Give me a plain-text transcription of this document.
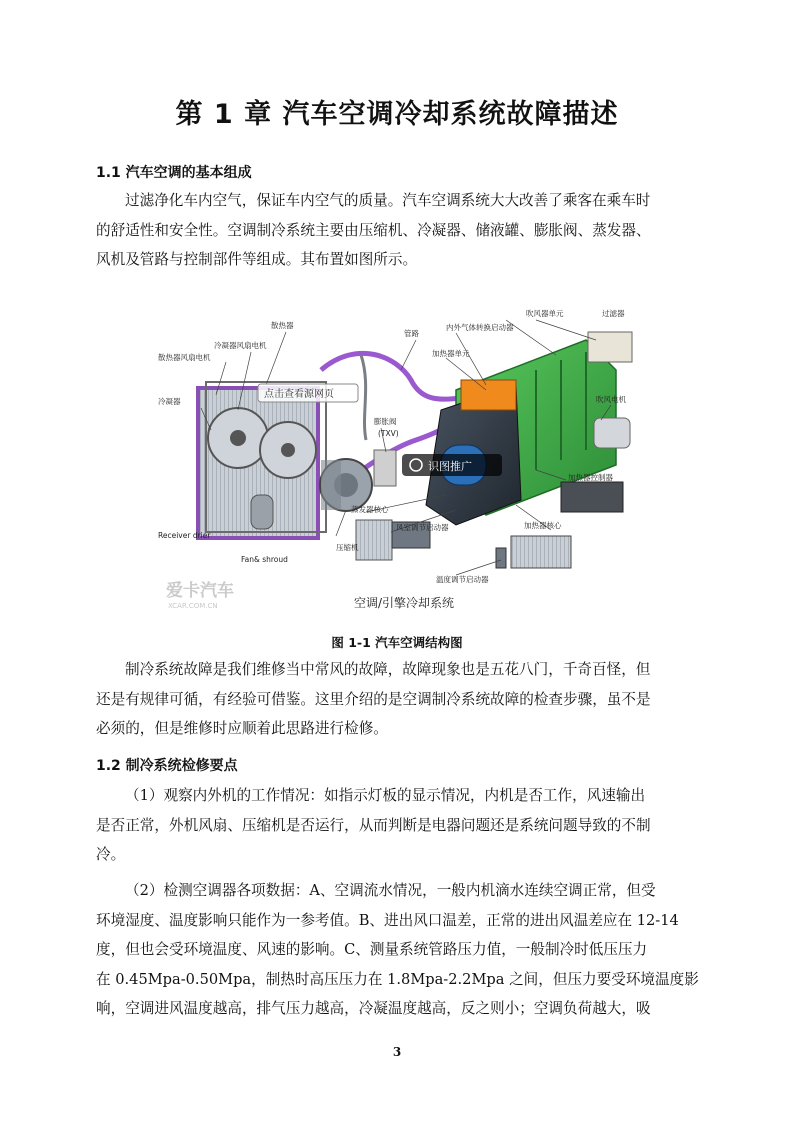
第 1 章 汽车空调冷却系统故障描述
1.1 汽车空调的基本组成
过滤净化车内空气，保证车内空气的质量。汽车空调系统大大改善了乘客在乘车时
的舒适性和安全性。空调制冷系统主要由压缩机、冷凝器、储液罐、膨胀阀、蒸发器、
风机及管路与控制部件等组成。其布置如图所示。
散热器
冷凝器风扇电机
散热器风扇电机
冷凝器
Receiver drier
Fan& shroud
压缩机
管路
内外气体转换启动器
吹风器单元	过滤器
加热器单元
吹风电机
膨胀阀
(TXV)
蒸发器核心
风室调节启动器
加热器控制器
加热器核心
温度调节启动器
爱卡汽车
XCAR.COM.CN	空调/引擎冷却系统
点击查看源网页
识图推广
图 1-1 汽车空调结构图
制冷系统故障是我们维修当中常风的故障，故障现象也是五花八门，千奇百怪，但
还是有规律可循，有经验可借鉴。这里介绍的是空调制冷系统故障的检查步骤，虽不是
必须的，但是维修时应顺着此思路进行检修。
1.2 制冷系统检修要点
（1）观察内外机的工作情况：如指示灯板的显示情况，内机是否工作，风速输出
是否正常，外机风扇、压缩机是否运行，从而判断是电器问题还是系统问题导致的不制
冷。
（2）检测空调器各项数据：A、空调流水情况，一般内机滴水连续空调正常，但受
环境湿度、温度影响只能作为一参考值。B、进出风口温差，正常的进出风温差应在 12-14
度，但也会受环境温度、风速的影响。C、测量系统管路压力值，一般制冷时低压压力
在 0.45Mpa-0.50Mpa，制热时高压压力在 1.8Mpa-2.2Mpa 之间，但压力要受环境温度影
响，空调进风温度越高，排气压力越高，冷凝温度越高，反之则小；空调负荷越大，吸
3
